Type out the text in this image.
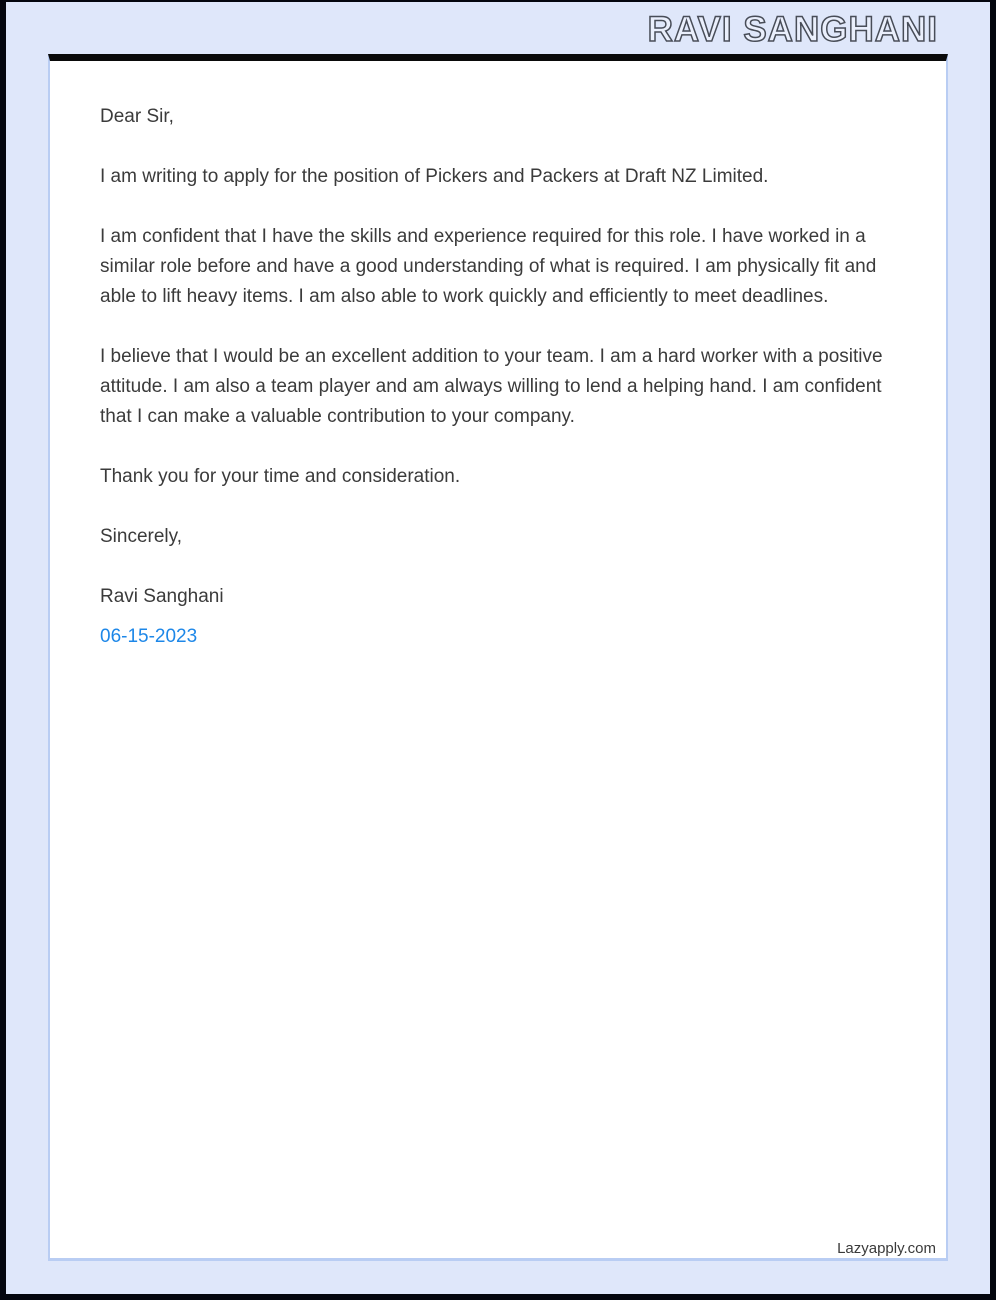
RAVI SANGHANI

Dear Sir,

I am writing to apply for the position of Pickers and Packers at Draft NZ Limited.

I am confident that I have the skills and experience required for this role. I have worked in a similar role before and have a good understanding of what is required. I am physically fit and able to lift heavy items. I am also able to work quickly and efficiently to meet deadlines.

I believe that I would be an excellent addition to your team. I am a hard worker with a positive attitude. I am also a team player and am always willing to lend a helping hand. I am confident that I can make a valuable contribution to your company.

Thank you for your time and consideration.

Sincerely,

Ravi Sanghani

06-15-2023

Lazyapply.com
